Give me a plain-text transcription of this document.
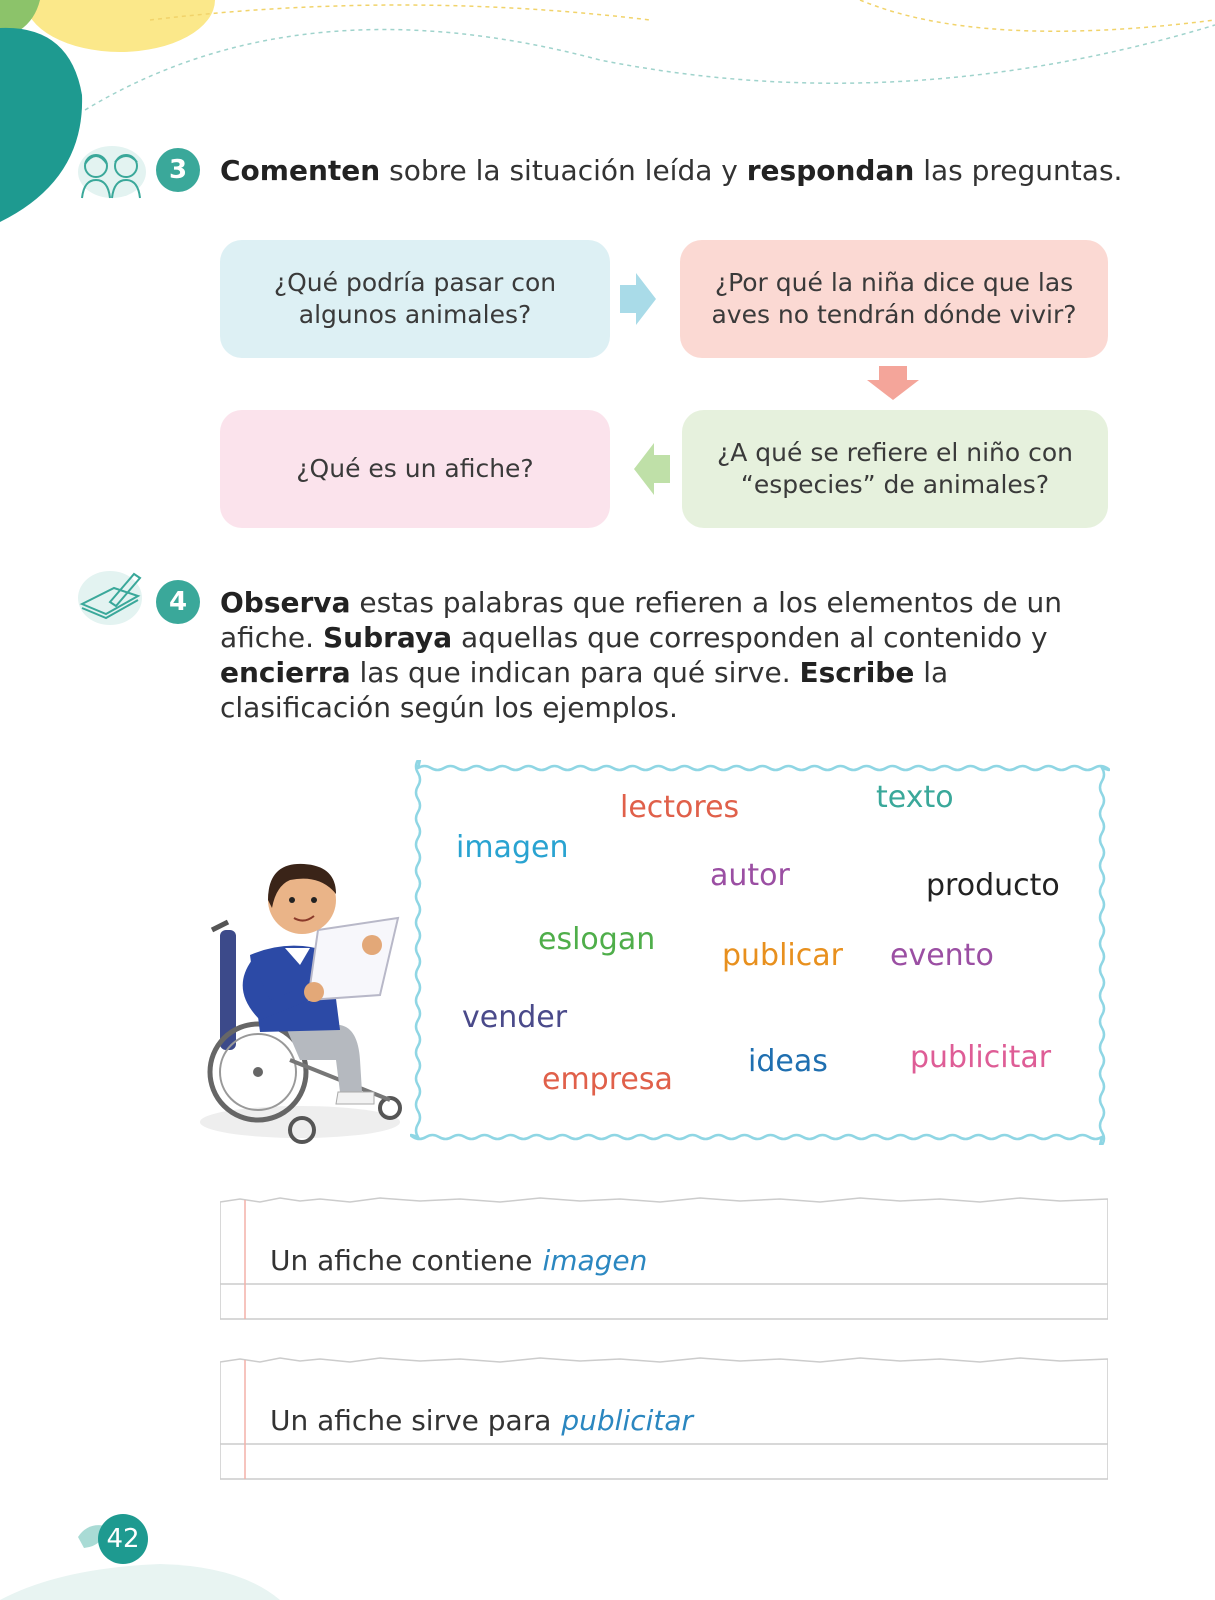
3	Comenten sobre la situación leída y respondan las preguntas.
¿Qué podría pasar con algunos animales?
¿Por qué la niña dice que las aves no tendrán dónde vivir?
¿A qué se refiere el niño con “especies” de animales?
¿Qué es un afiche?
4	Observa estas palabras que refieren a los elementos de un afiche. Subraya aquellas que corresponden al contenido y encierra las que indican para qué sirve. Escribe la clasificación según los ejemplos.
lectores	texto
imagen
autor	producto
eslogan publicar evento
vender
ideas	publicitar
empresa
Un afiche contiene imagen
Un afiche sirve para publicitar
42
